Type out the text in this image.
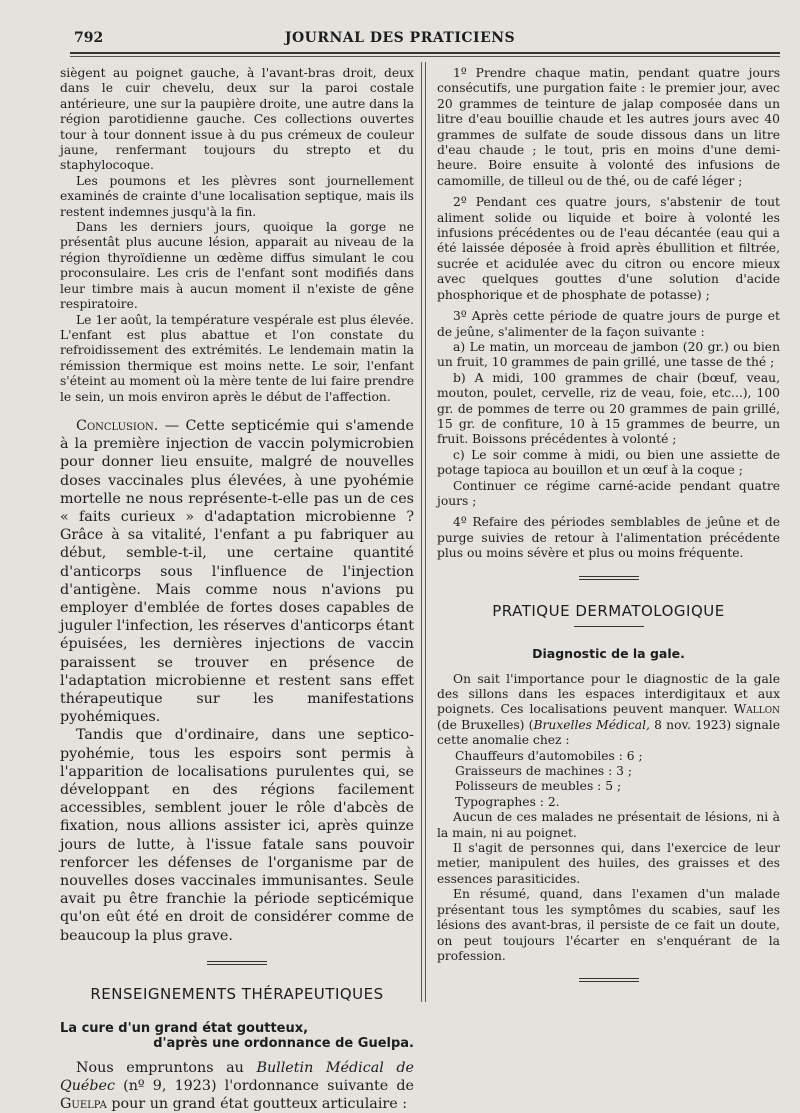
792	JOURNAL DES PRATICIENS

siègent au poignet gauche, à l'avant-bras droit, deux dans le cuir chevelu, deux sur la paroi costale antérieure, une sur la paupière droite, une autre dans la région parotidienne gauche. Ces collections ouvertes tour à tour donnent issue à du pus crémeux de couleur jaune, renfermant toujours du strepto et du staphylocoque.

Les poumons et les plèvres sont journellement examinés de crainte d'une localisation septique, mais ils restent indemnes jusqu'à la fin.

Dans les derniers jours, quoique la gorge ne présentât plus aucune lésion, apparait au niveau de la région thyroïdienne un œdème diffus simulant le cou proconsulaire. Les cris de l'enfant sont modifiés dans leur timbre mais à aucun moment il n'existe de gêne respiratoire.

Le 1er août, la température vespérale est plus élevée. L'enfant est plus abattue et l'on constate du refroidissement des extrémités. Le lendemain matin la rémission thermique est moins nette. Le soir, l'enfant s'éteint au moment où la mère tente de lui faire prendre le sein, un mois environ après le début de l'affection.

Conclusion. — Cette septicémie qui s'amende à la première injection de vaccin polymicrobien pour donner lieu ensuite, malgré de nouvelles doses vaccinales plus élevées, à une pyohémie mortelle ne nous représente-t-elle pas un de ces « faits curieux » d'adaptation microbienne ? Grâce à sa vitalité, l'enfant a pu fabriquer au début, semble-t-il, une certaine quantité d'anticorps sous l'influence de l'injection d'antigène. Mais comme nous n'avions pu employer d'emblée de fortes doses capables de juguler l'infection, les réserves d'anticorps étant épuisées, les dernières injections de vaccin paraissent se trouver en présence de l'adaptation microbienne et restent sans effet thérapeutique sur les manifestations pyohémiques.

Tandis que d'ordinaire, dans une septico-pyohémie, tous les espoirs sont permis à l'apparition de localisations purulentes qui, se développant en des régions facilement accessibles, semblent jouer le rôle d'abcès de fixation, nous allions assister ici, après quinze jours de lutte, à l'issue fatale sans pouvoir renforcer les défenses de l'organisme par de nouvelles doses vaccinales immunisantes. Seule avait pu être franchie la période septicémique qu'on eût été en droit de considérer comme de beaucoup la plus grave.

RENSEIGNEMENTS THÉRAPEUTIQUES

La cure d'un grand état goutteux,
d'après une ordonnance de Guelpa.

Nous empruntons au Bulletin Médical de Québec (nº 9, 1923) l'ordonnance suivante de Guelpa pour un grand état goutteux articulaire :

1º Prendre chaque matin, pendant quatre jours consécutifs, une purgation faite : le premier jour, avec 20 grammes de teinture de jalap composée dans un litre d'eau bouillie chaude et les autres jours avec 40 grammes de sulfate de soude dissous dans un litre d'eau chaude ; le tout, pris en moins d'une demi-heure. Boire ensuite à volonté des infusions de camomille, de tilleul ou de thé, ou de café léger ;

2º Pendant ces quatre jours, s'abstenir de tout aliment solide ou liquide et boire à volonté les infusions précédentes ou de l'eau décantée (eau qui a été laissée déposée à froid après ébullition et filtrée, sucrée et acidulée avec du citron ou encore mieux avec quelques gouttes d'une solution d'acide phosphorique et de phosphate de potasse) ;

3º Après cette période de quatre jours de purge et de jeûne, s'alimenter de la façon suivante :

a) Le matin, un morceau de jambon (20 gr.) ou bien un fruit, 10 grammes de pain grillé, une tasse de thé ;

b) A midi, 100 grammes de chair (bœuf, veau, mouton, poulet, cervelle, riz de veau, foie, etc...), 100 gr. de pommes de terre ou 20 grammes de pain grillé, 15 gr. de confiture, 10 à 15 grammes de beurre, un fruit. Boissons précédentes à volonté ;

c) Le soir comme à midi, ou bien une assiette de potage tapioca au bouillon et un œuf à la coque ;

Continuer ce régime carné-acide pendant quatre jours ;

4º Refaire des périodes semblables de jeûne et de purge suivies de retour à l'alimentation précédente plus ou moins sévère et plus ou moins fréquente.

PRATIQUE DERMATOLOGIQUE

Diagnostic de la gale.

On sait l'importance pour le diagnostic de la gale des sillons dans les espaces interdigitaux et aux poignets. Ces localisations peuvent manquer. Wallon (de Bruxelles) (Bruxelles Médical, 8 nov. 1923) signale cette anomalie chez :

Chauffeurs d'automobiles : 6 ;

Graisseurs de machines : 3 ;

Polisseurs de meubles : 5 ;

Typographes : 2.

Aucun de ces malades ne présentait de lésions, ni à la main, ni au poignet.

Il s'agit de personnes qui, dans l'exercice de leur metier, manipulent des huiles, des graisses et des essences parasiticides.

En résumé, quand, dans l'examen d'un malade présentant tous les symptômes du scabies, sauf les lésions des avant-bras, il persiste de ce fait un doute, on peut toujours l'écarter en s'enquérant de la profession.
